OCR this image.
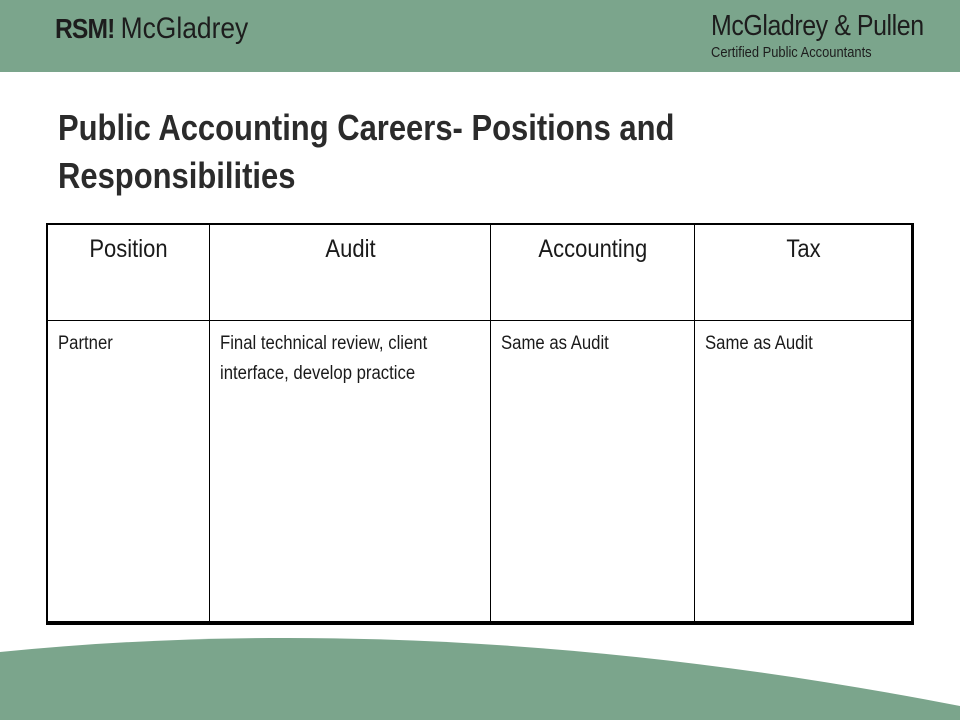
RSM ! McGladrey	McGladrey & Pullen
Certified Public Accountants
Public Accounting Careers- Positions and
Responsibilities
Position	Audit	Accounting	Tax
Partner	Final technical review, client interface, develop practice	Same as Audit	Same as Audit
